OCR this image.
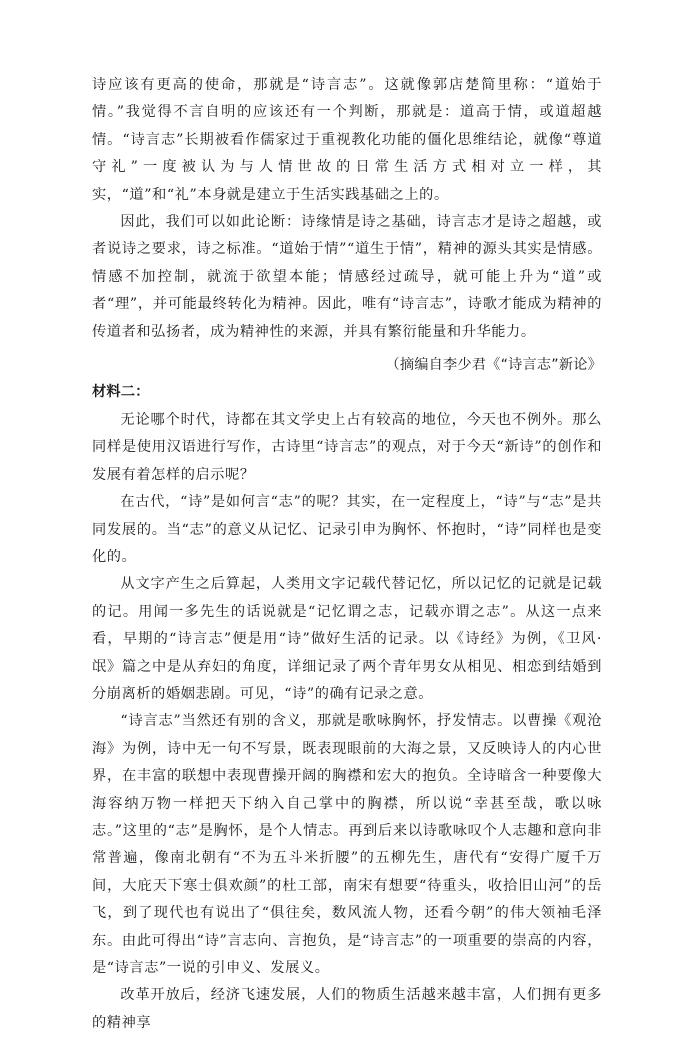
诗应该有更高的使命，那就是“诗言志”。这就像郭店楚简里称：“道始于情。”我觉得不言自明的应该还有一个判断，那就是：道高于情，或道超越情。“诗言志”长期被看作儒家过于重视教化功能的僵化思维结论，就像“尊道守礼”一度被认为与人情世故的日常生活方式相对立一样，其实，“道”和“礼”本身就是建立于生活实践基础之上的。

因此，我们可以如此论断：诗缘情是诗之基础，诗言志才是诗之超越，或者说诗之要求，诗之标准。“道始于情”“道生于情”，精神的源头其实是情感。情感不加控制，就流于欲望本能；情感经过疏导，就可能上升为“道”或者“理”，并可能最终转化为精神。因此，唯有“诗言志”，诗歌才能成为精神的传道者和弘扬者，成为精神性的来源，并具有繁衍能量和升华能力。

（摘编自李少君《“诗言志”新论》

材料二：

无论哪个时代，诗都在其文学史上占有较高的地位，今天也不例外。那么同样是使用汉语进行写作，古诗里“诗言志”的观点，对于今天“新诗”的创作和发展有着怎样的启示呢？

在古代，“诗”是如何言“志”的呢？其实，在一定程度上，“诗”与“志”是共同发展的。当“志”的意义从记忆、记录引申为胸怀、怀抱时，“诗”同样也是变化的。

从文字产生之后算起，人类用文字记载代替记忆，所以记忆的记就是记载的记。用闻一多先生的话说就是“记忆谓之志，记载亦谓之志”。从这一点来看，早期的“诗言志”便是用“诗”做好生活的记录。以《诗经》为例，《卫风·氓》篇之中是从弃妇的角度，详细记录了两个青年男女从相见、相恋到结婚到分崩离析的婚姻悲剧。可见，“诗”的确有记录之意。

“诗言志”当然还有别的含义，那就是歌咏胸怀，抒发情志。以曹操《观沧海》为例，诗中无一句不写景，既表现眼前的大海之景，又反映诗人的内心世界，在丰富的联想中表现曹操开阔的胸襟和宏大的抱负。全诗暗含一种要像大海容纳万物一样把天下纳入自己掌中的胸襟，所以说“幸甚至哉，歌以咏志。”这里的“志”是胸怀，是个人情志。再到后来以诗歌咏叹个人志趣和意向非常普遍，像南北朝有“不为五斗米折腰”的五柳先生，唐代有“安得广厦千万间，大庇天下寒士俱欢颜”的杜工部，南宋有想要“待重头，收拾旧山河”的岳飞，到了现代也有说出了“俱往矣，数风流人物，还看今朝”的伟大领袖毛泽东。由此可得出“诗”言志向、言抱负，是“诗言志”的一项重要的崇高的内容，是“诗言志”一说的引申义、发展义。

改革开放后，经济飞速发展，人们的物质生活越来越丰富，人们拥有更多的精神享
